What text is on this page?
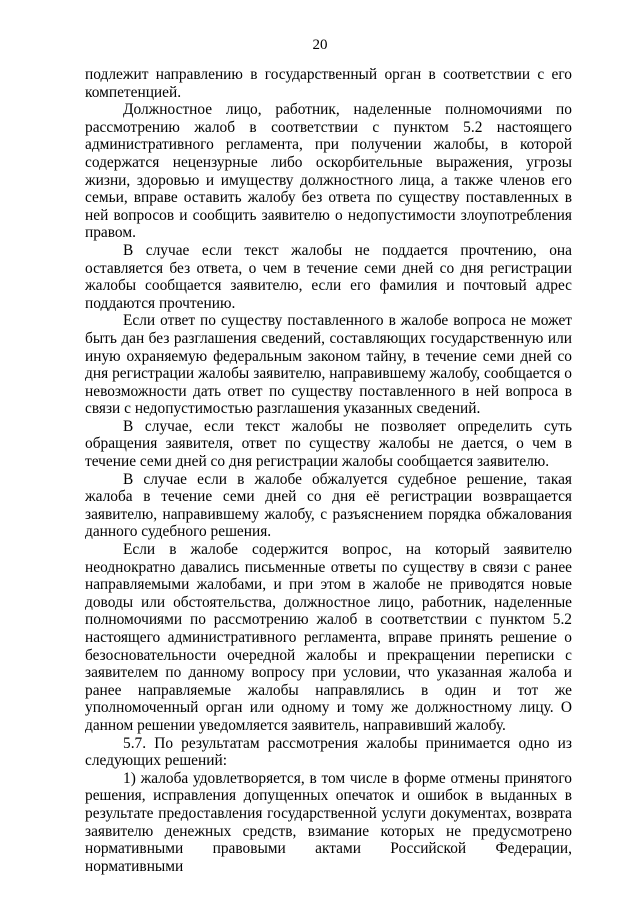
20

подлежит направлению в государственный орган в соответствии с его компетенцией.

Должностное лицо, работник, наделенные полномочиями по рассмотрению жалоб в соответствии с пунктом 5.2 настоящего административного регламента, при получении жалобы, в которой содержатся нецензурные либо оскорбительные выражения, угрозы жизни, здоровью и имуществу должностного лица, а также членов его семьи, вправе оставить жалобу без ответа по существу поставленных в ней вопросов и сообщить заявителю о недопустимости злоупотребления правом.

В случае если текст жалобы не поддается прочтению, она оставляется без ответа, о чем в течение семи дней со дня регистрации жалобы сообщается заявителю, если его фамилия и почтовый адрес поддаются прочтению.

Если ответ по существу поставленного в жалобе вопроса не может быть дан без разглашения сведений, составляющих государственную или иную охраняемую федеральным законом тайну, в течение семи дней со дня регистрации жалобы заявителю, направившему жалобу, сообщается о невозможности дать ответ по существу поставленного в ней вопроса в связи с недопустимостью разглашения указанных сведений.

В случае, если текст жалобы не позволяет определить суть обращения заявителя, ответ по существу жалобы не дается, о чем в течение семи дней со дня регистрации жалобы сообщается заявителю.

В случае если в жалобе обжалуется судебное решение, такая жалоба в течение семи дней со дня её регистрации возвращается заявителю, направившему жалобу, с разъяснением порядка обжалования данного судебного решения.

Если в жалобе содержится вопрос, на который заявителю неоднократно давались письменные ответы по существу в связи с ранее направляемыми жалобами, и при этом в жалобе не приводятся новые доводы или обстоятельства, должностное лицо, работник, наделенные полномочиями по рассмотрению жалоб в соответствии с пунктом 5.2 настоящего административного регламента, вправе принять решение о безосновательности очередной жалобы и прекращении переписки с заявителем по данному вопросу при условии, что указанная жалоба и ранее направляемые жалобы направлялись в один и тот же уполномоченный орган или одному и тому же должностному лицу. О данном решении уведомляется заявитель, направивший жалобу.

5.7. По результатам рассмотрения жалобы принимается одно из следующих решений:

1) жалоба удовлетворяется, в том числе в форме отмены принятого решения, исправления допущенных опечаток и ошибок в выданных в результате предоставления государственной услуги документах, возврата заявителю денежных средств, взимание которых не предусмотрено нормативными правовыми актами Российской Федерации, нормативными
